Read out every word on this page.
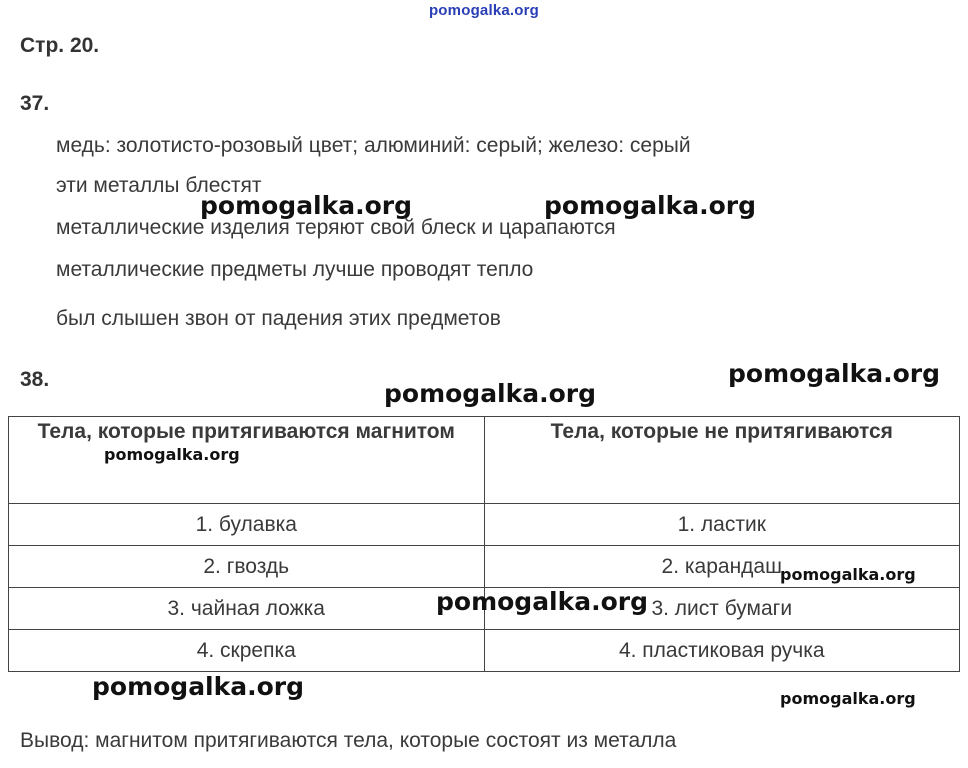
pomogalka.org
Стр. 20.
37.
медь: золотисто-розовый цвет; алюминий: серый; железо: серый
эти металлы блестят
металлические изделия теряют свой блеск и царапаются
металлические предметы лучше проводят тепло
был слышен звон от падения этих предметов
38.
Тела, которые притягиваются магнитом	Тела, которые не притягиваются
1. булавка	1. ластик
2. гвоздь	2. карандаш
3. чайная ложка	3. лист бумаги
4. скрепка	4. пластиковая ручка
Вывод: магнитом притягиваются тела, которые состоят из металла
pomogalka.org	pomogalka.org
pomogalka.org
pomogalka.org
pomogalka.org
pomogalka.org
pomogalka.org
pomogalka.org	pomogalka.org
